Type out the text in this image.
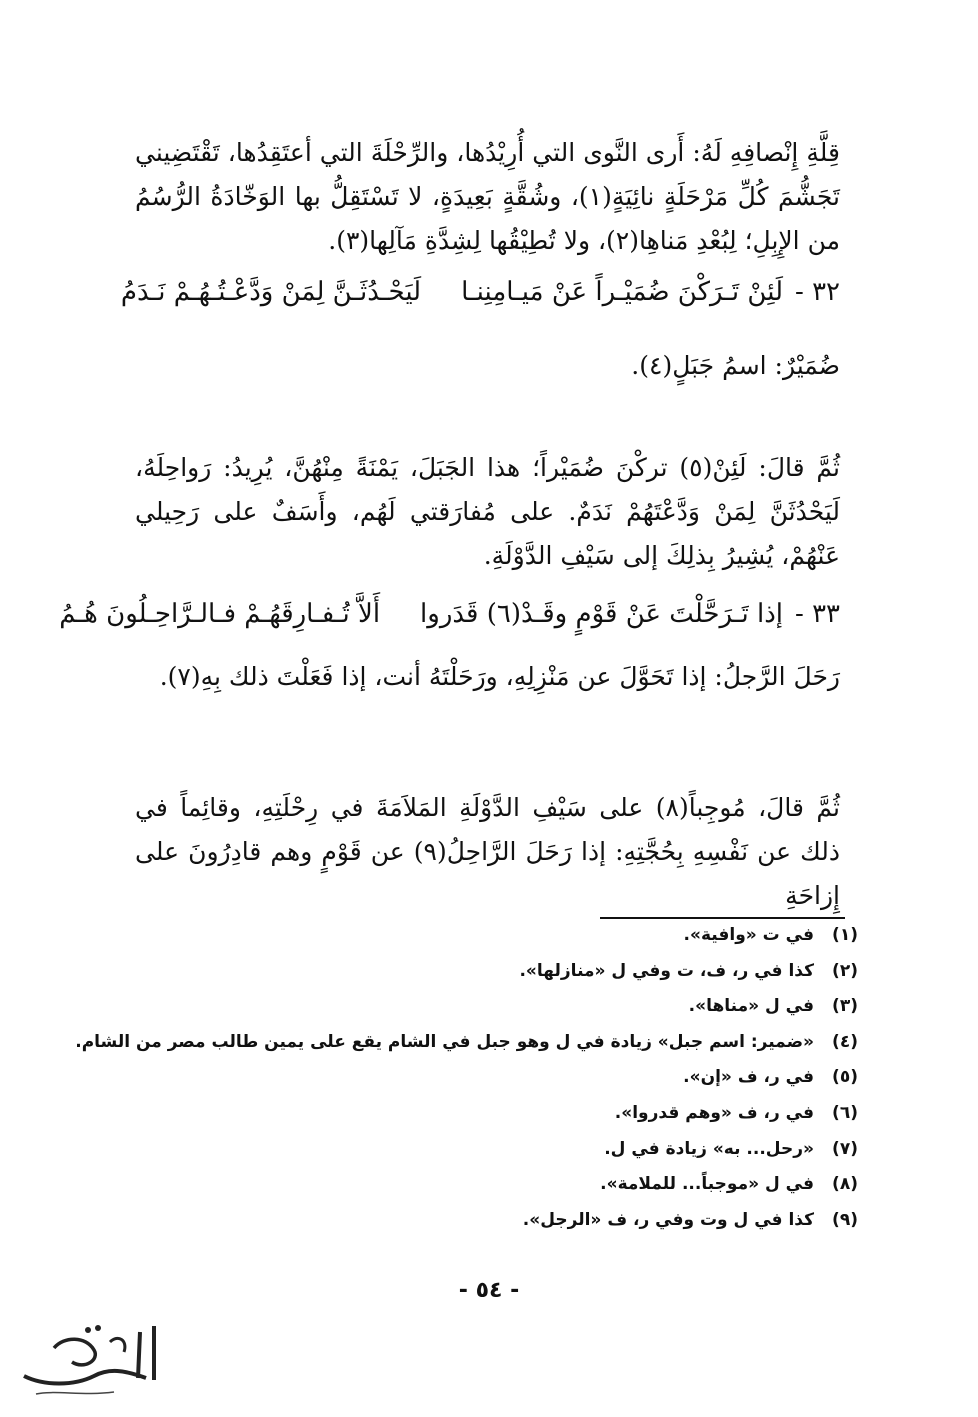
قِلَّةِ إِنْصافِهِ لَهُ: أَرى النَّوى التي أُرِيْدُها، والرِّحْلَةَ التي أعتَقِدُها، تَقْتَضِيني تَجَشُّمَ كُلِّ مَرْحَلَةٍ نائِيَةٍ(١)، وشُقَّةٍ بَعِيدَةٍ، لا تَسْتَقِلُّ بها الوَخّادَةُ الرُّسُمُ من الإِبِلِ؛ لِبُعْدِ مَناهِا(٢)، ولا تُطِيْقُها لِشِدَّةِ مَآلِها(٣).

٣٢ -لَئِنْ تَـرَكْنَ ضُمَيْـراً عَنْ مَيـامِنِنـا
لَيَحْـدُثَـنَّ لِمَنْ وَدَّعْـتُـهُـمْ نَـدَمُ
ضُمَيْرٌ: اسمُ جَبَلٍ(٤).

ثُمَّ قالَ: لَئِنْ(٥) تركْنَ ضُمَيْراً؛ هذا الجَبَلَ، يَمْنَةً مِنْهُنَّ، يُرِيدُ: رَواحِلَهُ، لَيَحْدُثَنَّ لِمَنْ وَدَّعْتَهُمْ نَدَمٌ. على مُفارَقتي لَهُم، وأَسَفٌ على رَحِيلي عَنْهُمْ، يُشِيرُ بِذلِكَ إلى سَيْفِ الدَّوْلَةِ.

٣٣ -إذا تَـرَحَّلْتَ عَنْ قَوْمٍ وقَـدْ(٦) قَدَروا
أَلاَّ تُـفـارِقَهُـمْ فـالـرَّاحِـلُونَ هُـمُ

رَحَلَ الرَّجلُ: إذا تَحَوَّلَ عن مَنْزِلِهِ، ورَحَلْتَهُ أنت، إذا فَعَلْتَ ذلك بِهِ(٧).

ثُمَّ قالَ، مُوجِباً(٨) على سَيْفِ الدَّوْلَةِ المَلاَمَةَ في رِحْلَتِهِ، وقائِماً في ذلك عن نَفْسِهِ بِحُجَّتِهِ: إذا رَحَلَ الرَّاحِلُ(٩) عن قَوْمٍ وهم قادِرُونَ على إِزاحَةِ

(١)في ت «وافية».
(٢)كذا في ر، ف، ت وفي ل «منازلها».
(٣)في ل «مناها».
(٤)«ضمير: اسم جبل» زيادة في ل وهو جبل في الشام يقع على يمين طالب مصر من الشام.
(٥)في ر، ف «إن».
(٦)في ر، ف «وهم قدروا».
(٧)«رحل... به» زيادة في ل.
(٨)في ل «موجباً... للملامة».
(٩)كذا في ل وت وفي ر، ف «الرجل».
- ٥٤ -
